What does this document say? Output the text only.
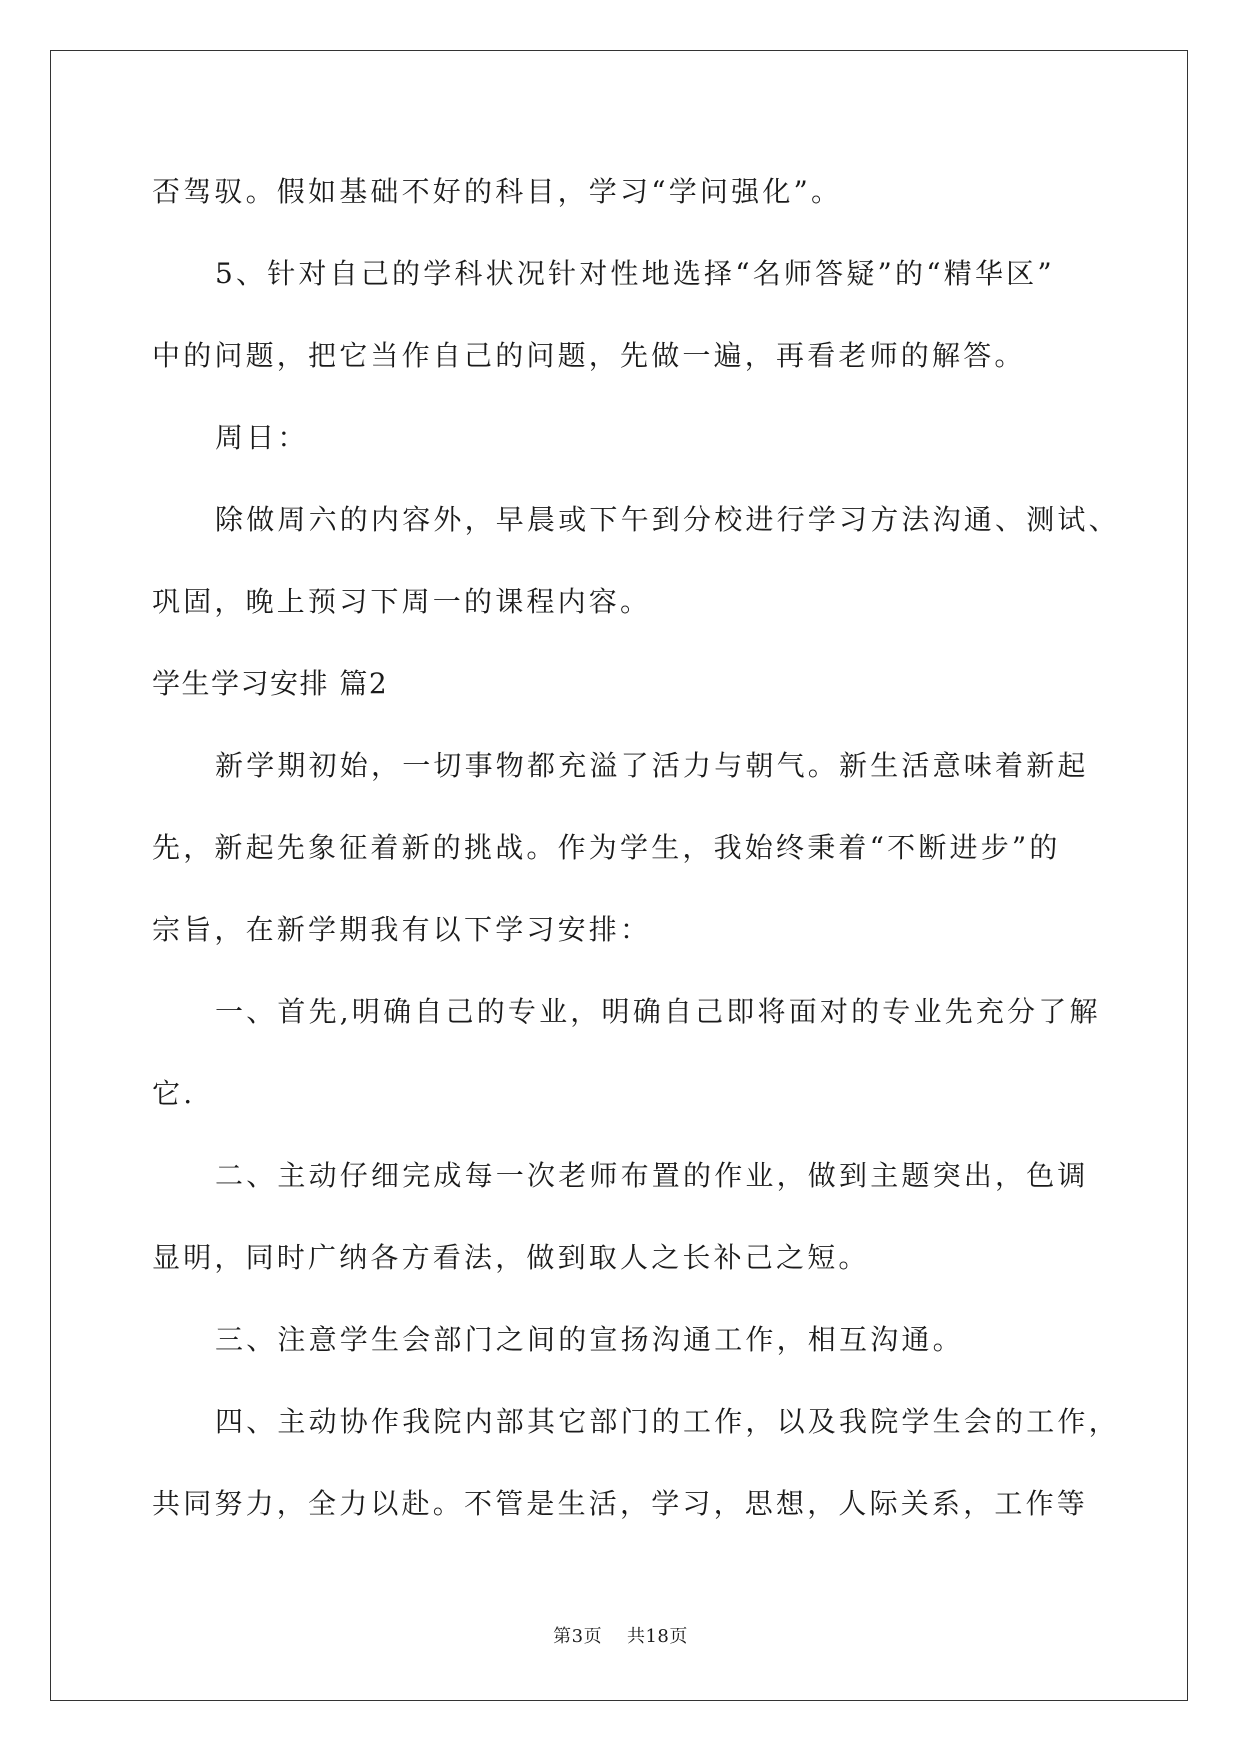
否驾驭。假如基础不好的科目，学习“学问强化”。

5、针对自己的学科状况针对性地选择“名师答疑”的“精华区”

中的问题，把它当作自己的问题，先做一遍，再看老师的解答。

周日：

除做周六的内容外，早晨或下午到分校进行学习方法沟通、测试、

巩固，晚上预习下周一的课程内容。

学生学习安排 篇2

新学期初始，一切事物都充溢了活力与朝气。新生活意味着新起

先，新起先象征着新的挑战。作为学生，我始终秉着“不断进步”的

宗旨，在新学期我有以下学习安排：

一、首先,明确自己的专业，明确自己即将面对的专业先充分了解

它.

二、主动仔细完成每一次老师布置的作业，做到主题突出，色调

显明，同时广纳各方看法，做到取人之长补己之短。

三、注意学生会部门之间的宣扬沟通工作，相互沟通。

四、主动协作我院内部其它部门的工作，以及我院学生会的工作，

共同努力，全力以赴。不管是生活，学习，思想，人际关系，工作等

第3页 共18页
